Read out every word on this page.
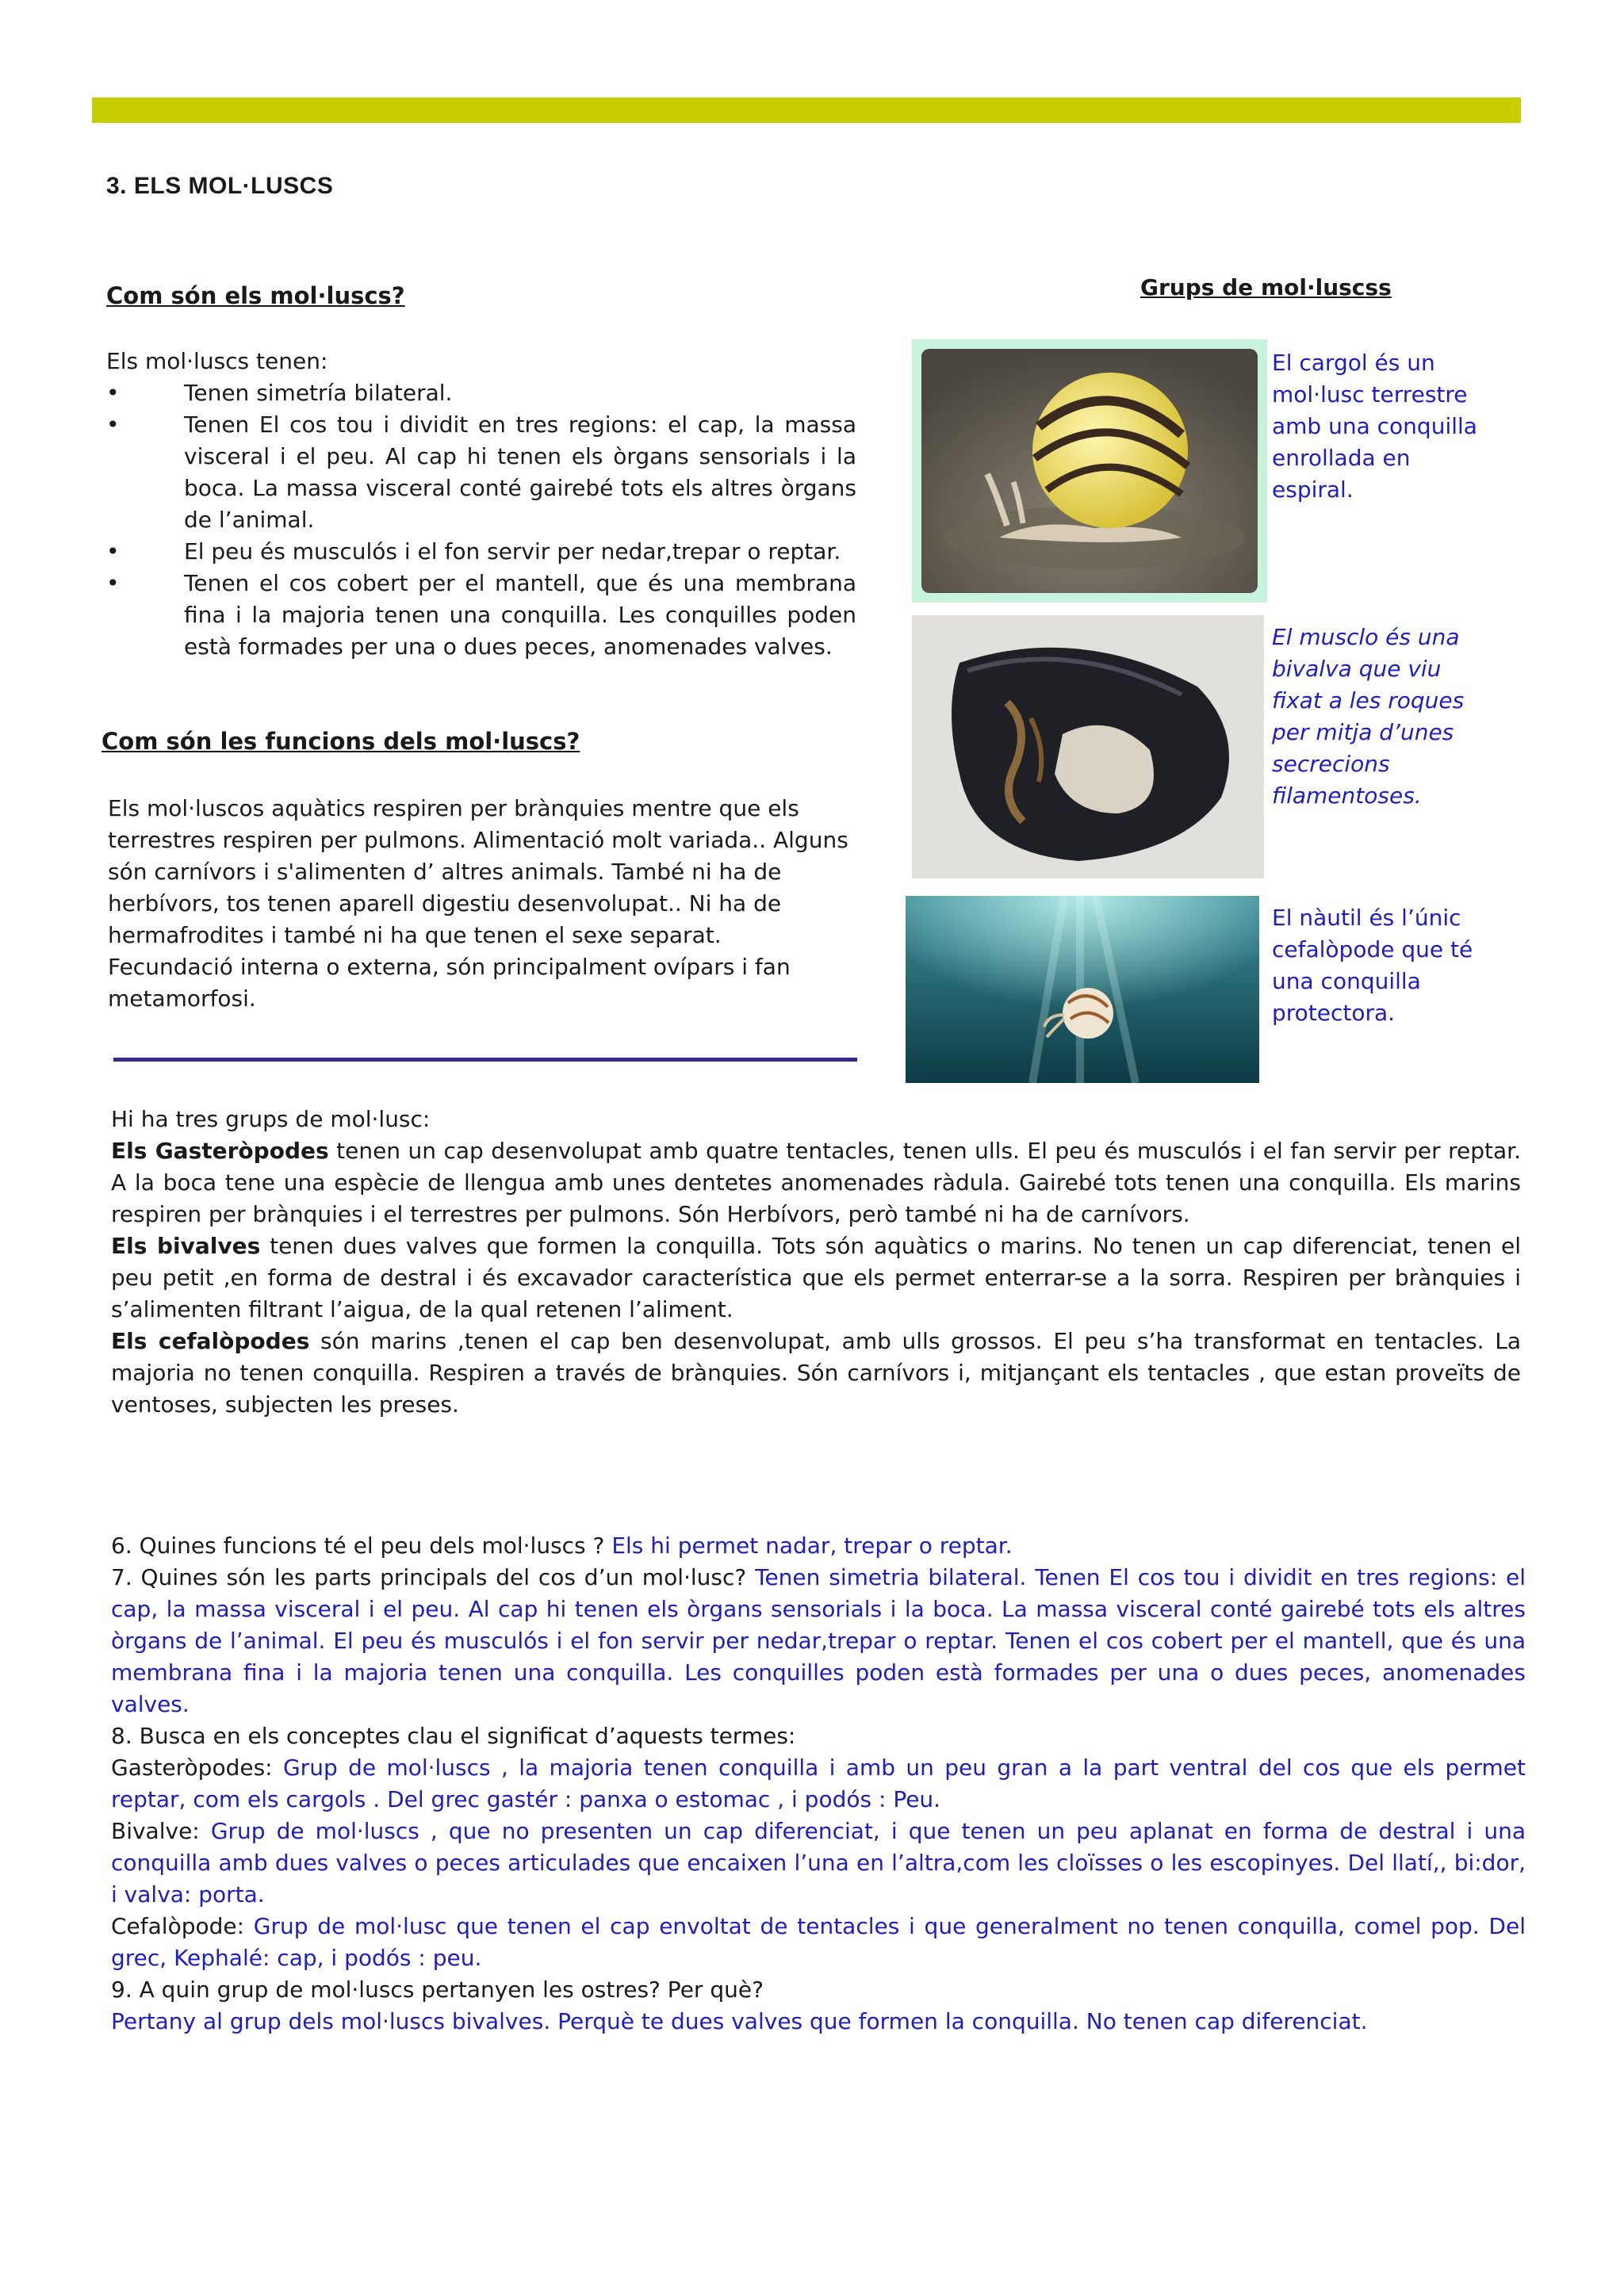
3. ELS MOL·LUSCS
Com són els mol·luscs?

Els mol·luscs tenen:

• Tenen simetría bilateral.
• Tenen El cos tou i dividit en tres regions: el cap, la massa visceral i el peu. Al cap hi tenen els òrgans sensorials i la boca. La massa visceral conté gairebé tots els altres òrgans de l’animal.
• El peu és musculós i el fon servir per nedar,trepar o reptar.
• Tenen el cos cobert per el mantell, que és una membrana fina i la majoria tenen una conquilla. Les conquilles poden està formades per una o dues peces, anomenades valves.
Com són les funcions dels mol·luscs?

Els mol·luscos aquàtics respiren per brànquies mentre que els terrestres respiren per pulmons. Alimentació molt variada.. Alguns són carnívors i s'alimenten d’ altres animals. També ni ha de herbívors, tos tenen aparell digestiu desenvolupat.. Ni ha de hermafrodites i també ni ha que tenen el sexe separat. Fecundació interna o externa, són principalment ovípars i fan metamorfosi.

Grups de mol·luscss

El cargol és un mol·lusc terrestre amb una conquilla enrollada en espiral.

El musclo és una bivalva que viu fixat a les roques per mitja d’unes secrecions filamentoses.

El nàutil és l’únic cefalòpode que té una conquilla protectora.

Hi ha tres grups de mol·lusc:

Els Gasteròpodes tenen un cap desenvolupat amb quatre tentacles, tenen ulls. El peu és musculós i el fan servir per reptar. A la boca tene una espècie de llengua amb unes dentetes anomenades ràdula. Gairebé tots tenen una conquilla. Els marins respiren per brànquies i el terrestres per pulmons. Són Herbívors, però també ni ha de carnívors.

Els bivalves tenen dues valves que formen la conquilla. Tots són aquàtics o marins. No tenen un cap diferenciat, tenen el peu petit ,en forma de destral i és excavador característica que els permet enterrar-se a la sorra. Respiren per brànquies i s’alimenten filtrant l’aigua, de la qual retenen l’aliment.

Els cefalòpodes són marins ,tenen el cap ben desenvolupat, amb ulls grossos. El peu s’ha transformat en tentacles. La majoria no tenen conquilla. Respiren a través de brànquies. Són carnívors i, mitjançant els tentacles , que estan proveïts de ventoses, subjecten les preses.

6. Quines funcions té el peu dels mol·luscs ? Els hi permet nadar, trepar o reptar.

7. Quines són les parts principals del cos d’un mol·lusc? Tenen simetria bilateral. Tenen El cos tou i dividit en tres regions: el cap, la massa visceral i el peu. Al cap hi tenen els òrgans sensorials i la boca. La massa visceral conté gairebé tots els altres òrgans de l’animal. El peu és musculós i el fon servir per nedar,trepar o reptar. Tenen el cos cobert per el mantell, que és una membrana fina i la majoria tenen una conquilla. Les conquilles poden està formades per una o dues peces, anomenades valves.

8. Busca en els conceptes clau el significat d’aquests termes:

Gasteròpodes: Grup de mol·luscs , la majoria tenen conquilla i amb un peu gran a la part ventral del cos que els permet reptar, com els cargols . Del grec gastér : panxa o estomac , i podós : Peu.

Bivalve: Grup de mol·luscs , que no presenten un cap diferenciat, i que tenen un peu aplanat en forma de destral i una conquilla amb dues valves o peces articulades que encaixen l’una en l’altra,com les cloïsses o les escopinyes. Del llatí,, bi:dor, i valva: porta.

Cefalòpode: Grup de mol·lusc que tenen el cap envoltat de tentacles i que generalment no tenen conquilla, comel pop. Del grec, Kephalé: cap, i podós : peu.

9. A quin grup de mol·luscs pertanyen les ostres? Per què?

Pertany al grup dels mol·luscs bivalves. Perquè te dues valves que formen la conquilla. No tenen cap diferenciat.
